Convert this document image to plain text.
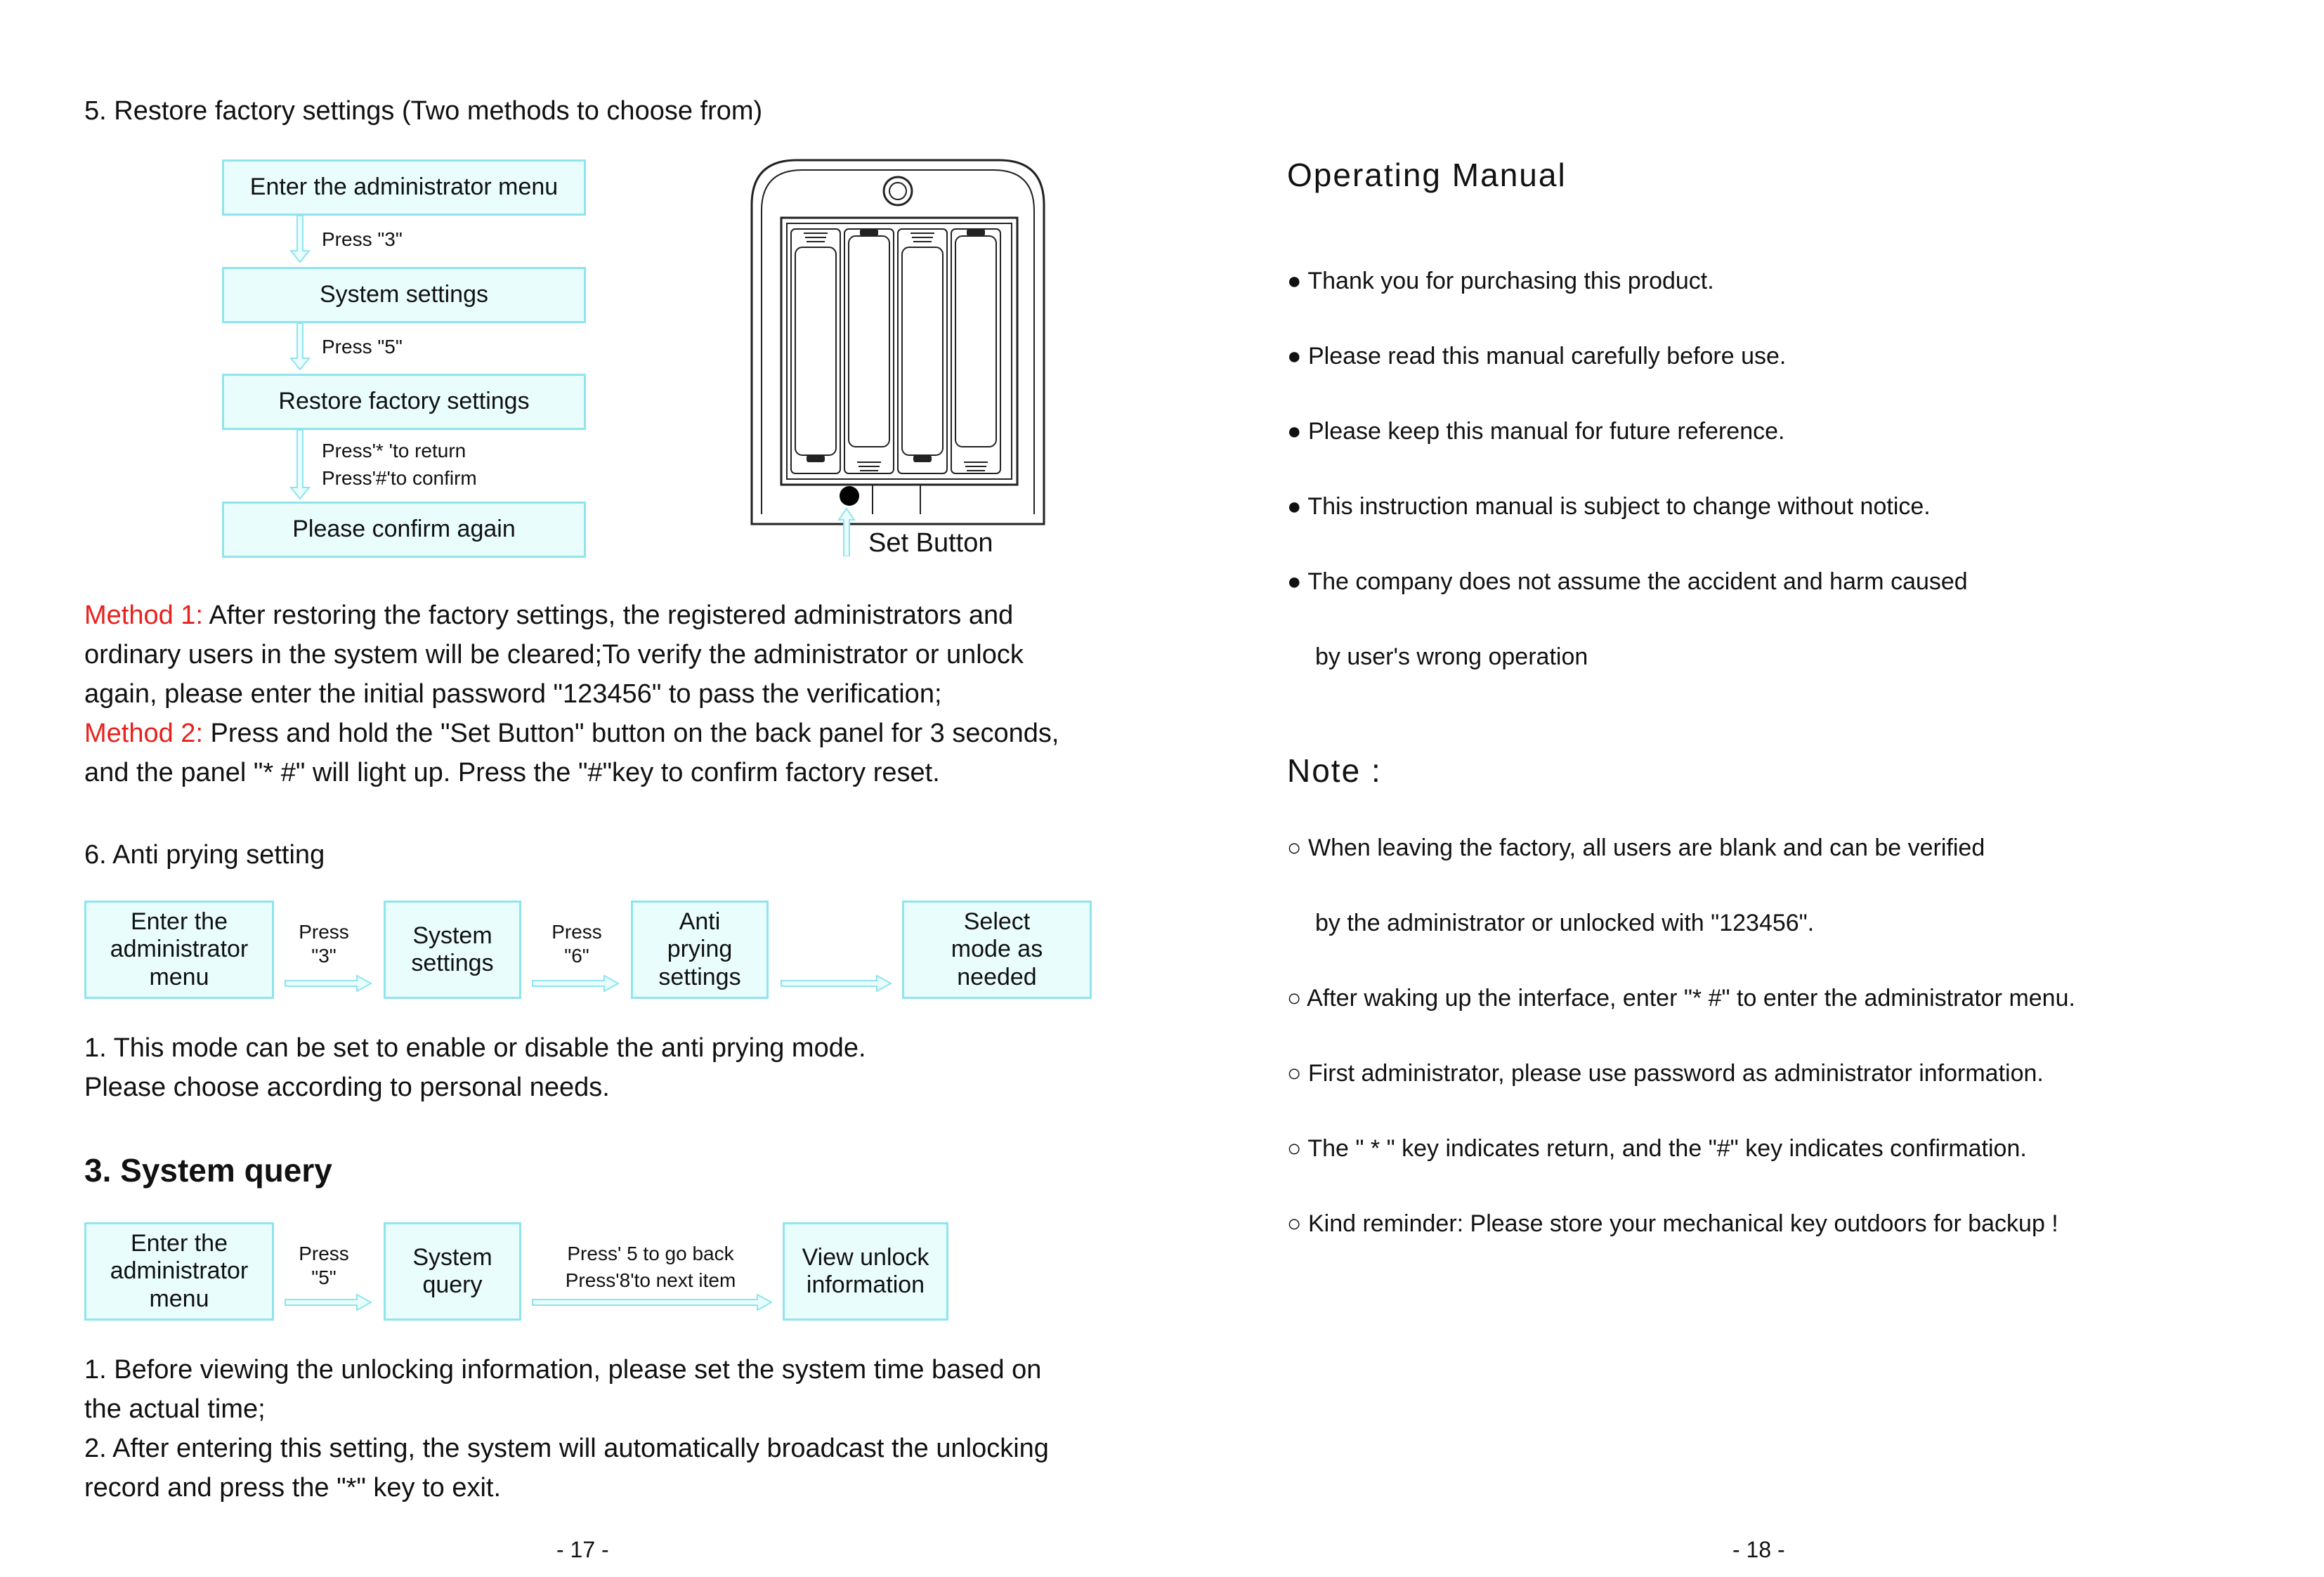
5. Restore factory settings (Two methods to choose from)
Enter the administrator menu
Press "3"
System settings
Press "5"
Restore factory settings
Press'* 'to return
Press'#'to confirm
Please confirm again	Set Button
Method 1: After restoring the factory settings, the registered administrators and
ordinary users in the system will be cleared;To verify the administrator or unlock
again, please enter the initial password "123456" to pass the verification;
Method 2: Press and hold the "Set Button" button on the back panel for 3 seconds,
and the panel "* #" will light up. Press the "#"key to confirm factory reset.
6. Anti prying setting
Enter the
administrator
menu
Press
"3"
System
settings
Press
"6"
Anti
prying
settings
Select
mode as
needed
1. This mode can be set to enable or disable the anti prying mode.
Please choose according to personal needs.
3. System query
Enter the
administrator
menu
Press
"5"
System
query
Press' 5 to go back
Press'8'to next item
View unlock
information
1. Before viewing the unlocking information, please set the system time based on
the actual time;
2. After entering this setting, the system will automatically broadcast the unlocking
record and press the "*" key to exit.
- 17 -
Operating Manual
● Thank you for purchasing this product.
● Please read this manual carefully before use.
● Please keep this manual for future reference.
● This instruction manual is subject to change without notice.
● The company does not assume the accident and harm caused
by user's wrong operation
Note :
○ When leaving the factory, all users are blank and can be verified
by the administrator or unlocked with "123456".
○ After waking up the interface, enter "* #" to enter the administrator menu.
○ First administrator, please use password as administrator information.
○ The " * " key indicates return, and the "#" key indicates confirmation.
○ Kind reminder: Please store your mechanical key outdoors for backup !
- 18 -
